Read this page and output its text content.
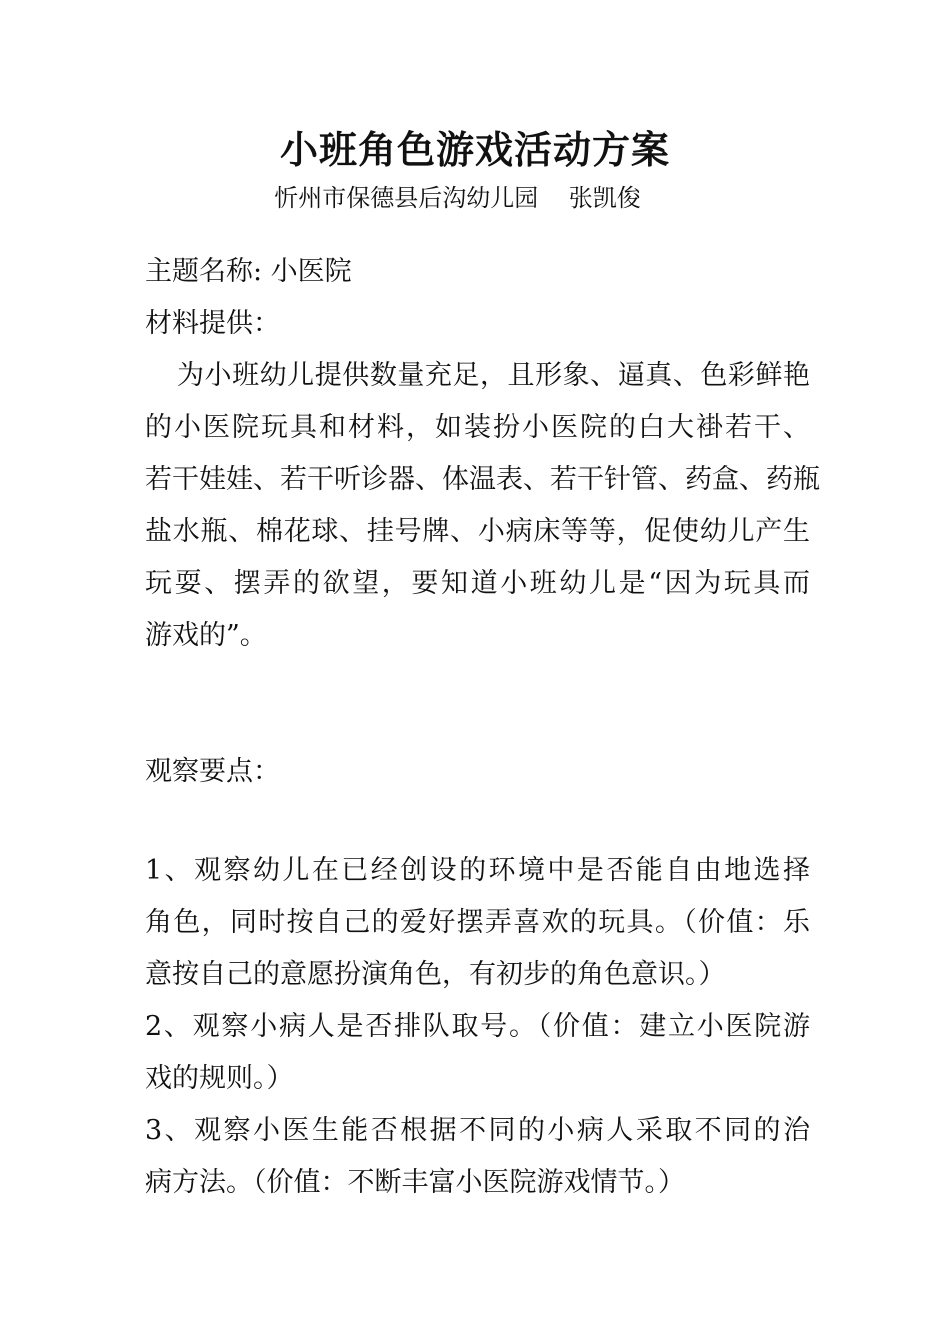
小班角色游戏活动方案
忻州市保德县后沟幼儿园    张凯俊
主题名称: 小医院
材料提供：
为小班幼儿提供数量充足，且形象、逼真、色彩鲜艳
的小医院玩具和材料，如装扮小医院的白大褂若干、
若干娃娃、若干听诊器、体温表、若干针管、药盒、药瓶
盐水瓶、棉花球、挂号牌、小病床等等，促使幼儿产生
玩耍、摆弄的欲望，要知道小班幼儿是“因为玩具而
游戏的”。
观察要点：
1、观察幼儿在已经创设的环境中是否能自由地选择
角色，同时按自己的爱好摆弄喜欢的玩具。（价值：乐
意按自己的意愿扮演角色，有初步的角色意识。）
2、观察小病人是否排队取号。（价值：建立小医院游
戏的规则。）
3、观察小医生能否根据不同的小病人采取不同的治
病方法。（价值：不断丰富小医院游戏情节。）
